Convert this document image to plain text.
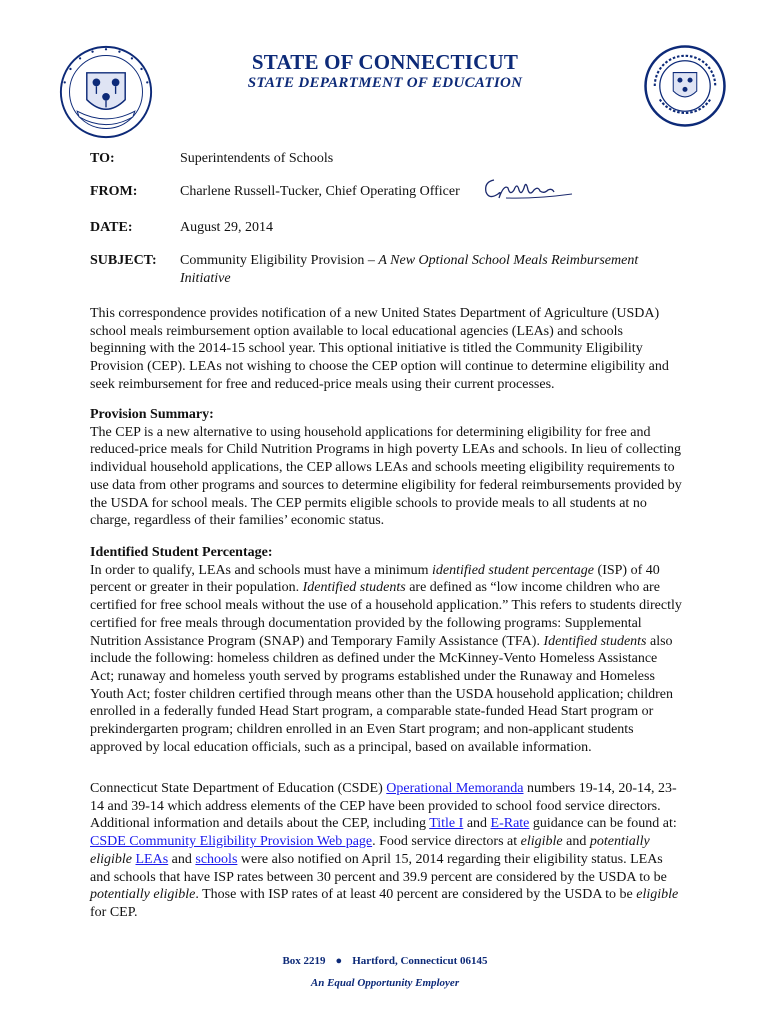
STATE OF CONNECTICUT
STATE DEPARTMENT OF EDUCATION
TO:	Superintendents of Schools
FROM:	Charlene Russell-Tucker, Chief Operating Officer
DATE:	August 29, 2014
SUBJECT:	Community Eligibility Provision – A New Optional School Meals Reimbursement Initiative

This correspondence provides notification of a new United States Department of Agriculture (USDA) school meals reimbursement option available to local educational agencies (LEAs) and schools beginning with the 2014-15 school year. This optional initiative is titled the Community Eligibility Provision (CEP). LEAs not wishing to choose the CEP option will continue to determine eligibility and seek reimbursement for free and reduced-price meals using their current processes.

Provision Summary:

The CEP is a new alternative to using household applications for determining eligibility for free and reduced-price meals for Child Nutrition Programs in high poverty LEAs and schools. In lieu of collecting individual household applications, the CEP allows LEAs and schools meeting eligibility requirements to use data from other programs and sources to determine eligibility for federal reimbursements provided by the USDA for school meals. The CEP permits eligible schools to provide meals to all students at no charge, regardless of their families’ economic status.

Identified Student Percentage:

In order to qualify, LEAs and schools must have a minimum identified student percentage (ISP) of 40 percent or greater in their population. Identified students are defined as “low income children who are certified for free school meals without the use of a household application.” This refers to students directly certified for free meals through documentation provided by the following programs: Supplemental Nutrition Assistance Program (SNAP) and Temporary Family Assistance (TFA). Identified students also include the following: homeless children as defined under the McKinney-Vento Homeless Assistance Act; runaway and homeless youth served by programs established under the Runaway and Homeless Youth Act; foster children certified through means other than the USDA household application; children enrolled in a federally funded Head Start program, a comparable state-funded Head Start program or prekindergarten program; children enrolled in an Even Start program; and non-applicant students approved by local education officials, such as a principal, based on available information.

Connecticut State Department of Education (CSDE) Operational Memoranda numbers 19-14, 20-14, 23-14 and 39-14 which address elements of the CEP have been provided to school food service directors. Additional information and details about the CEP, including Title I and E-Rate guidance can be found at: CSDE Community Eligibility Provision Web page. Food service directors at eligible and potentially eligible LEAs and schools were also notified on April 15, 2014 regarding their eligibility status. LEAs and schools that have ISP rates between 30 percent and 39.9 percent are considered by the USDA to be potentially eligible. Those with ISP rates of at least 40 percent are considered by the USDA to be eligible for CEP.

Box 2219 ● Hartford, Connecticut 06145
An Equal Opportunity Employer
